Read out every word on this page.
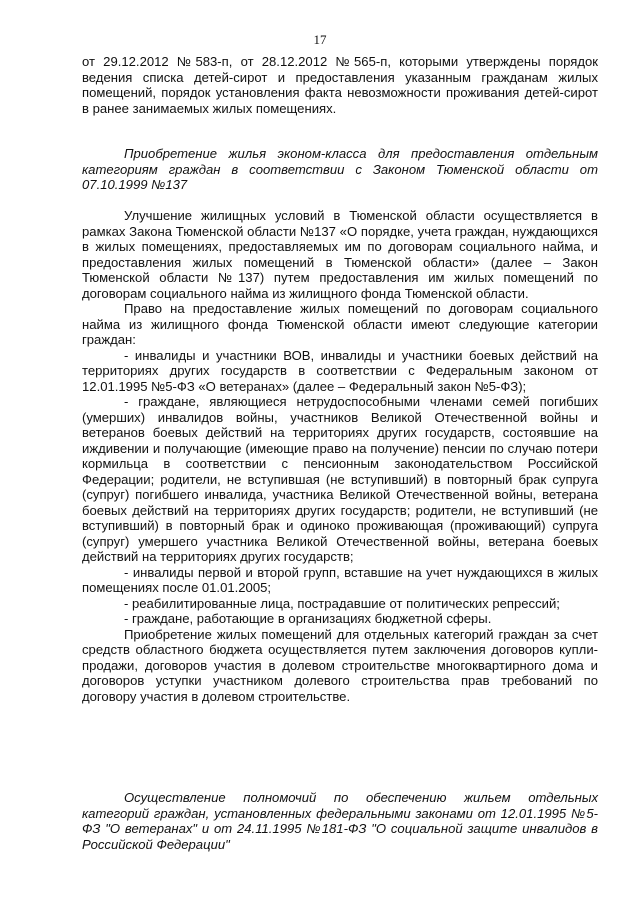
17

от 29.12.2012 №583-п, от 28.12.2012 №565-п, которыми утверждены порядок ведения списка детей-сирот и предоставления указанным гражданам жилых помещений, порядок установления факта невозможности проживания детей-сирот в ранее занимаемых жилых помещениях.

Приобретение жилья эконом-класса для предоставления отдельным категориям граждан в соответствии с Законом Тюменской области от 07.10.1999 №137

Улучшение жилищных условий в Тюменской области осуществляется в рамках Закона Тюменской области №137 «О порядке, учета граждан, нуждающихся в жилых помещениях, предоставляемых им по договорам социального найма, и предоставления жилых помещений в Тюменской области» (далее – Закон Тюменской области №137) путем предоставления им жилых помещений по договорам социального найма из жилищного фонда Тюменской области.

Право на предоставление жилых помещений по договорам социального найма из жилищного фонда Тюменской области имеют следующие категории граждан:

- инвалиды и участники ВОВ, инвалиды и участники боевых действий на территориях других государств в соответствии с Федеральным законом от 12.01.1995 №5-ФЗ «О ветеранах» (далее – Федеральный закон №5-ФЗ);

- граждане, являющиеся нетрудоспособными членами семей погибших (умерших) инвалидов войны, участников Великой Отечественной войны и ветеранов боевых действий на территориях других государств, состоявшие на иждивении и получающие (имеющие право на получение) пенсии по случаю потери кормильца в соответствии с пенсионным законодательством Российской Федерации; родители, не вступившая (не вступивший) в повторный брак супруга (супруг) погибшего инвалида, участника Великой Отечественной войны, ветерана боевых действий на территориях других государств; родители, не вступивший (не вступивший) в повторный брак и одиноко проживающая (проживающий) супруга (супруг) умершего участника Великой Отечественной войны, ветерана боевых действий на территориях других государств;

- инвалиды первой и второй групп, вставшие на учет нуждающихся в жилых помещениях после 01.01.2005;

- реабилитированные лица, пострадавшие от политических репрессий;

- граждане, работающие в организациях бюджетной сферы.

Приобретение жилых помещений для отдельных категорий граждан за счет средств областного бюджета осуществляется путем заключения договоров купли-продажи, договоров участия в долевом строительстве многоквартирного дома и договоров уступки участником долевого строительства прав требований по договору участия в долевом строительстве.

Осуществление полномочий по обеспечению жильем отдельных категорий граждан, установленных федеральными законами от 12.01.1995 №5-ФЗ "О ветеранах" и от 24.11.1995 №181-ФЗ "О социальной защите инвалидов в Российской Федерации"
